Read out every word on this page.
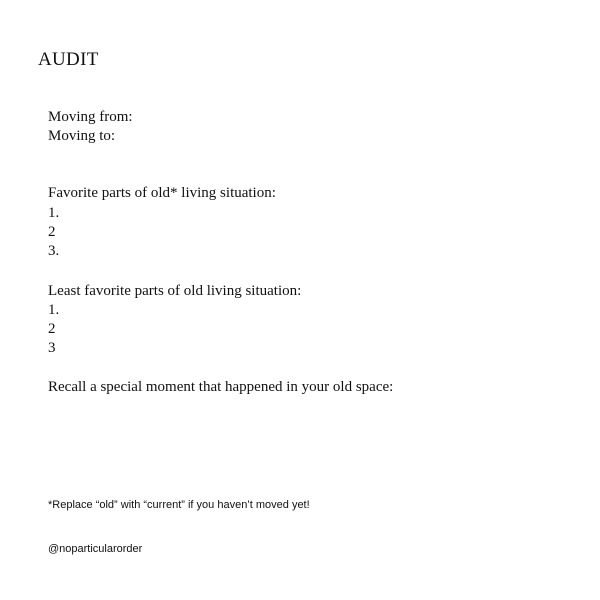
AUDIT
Moving from:
Moving to:
Favorite parts of old* living situation:
1.
2
3.
Least favorite parts of old living situation:
1.
2
3
Recall a special moment that happened in your old space:
*Replace “old” with “current” if you haven’t moved yet!
@noparticularorder
